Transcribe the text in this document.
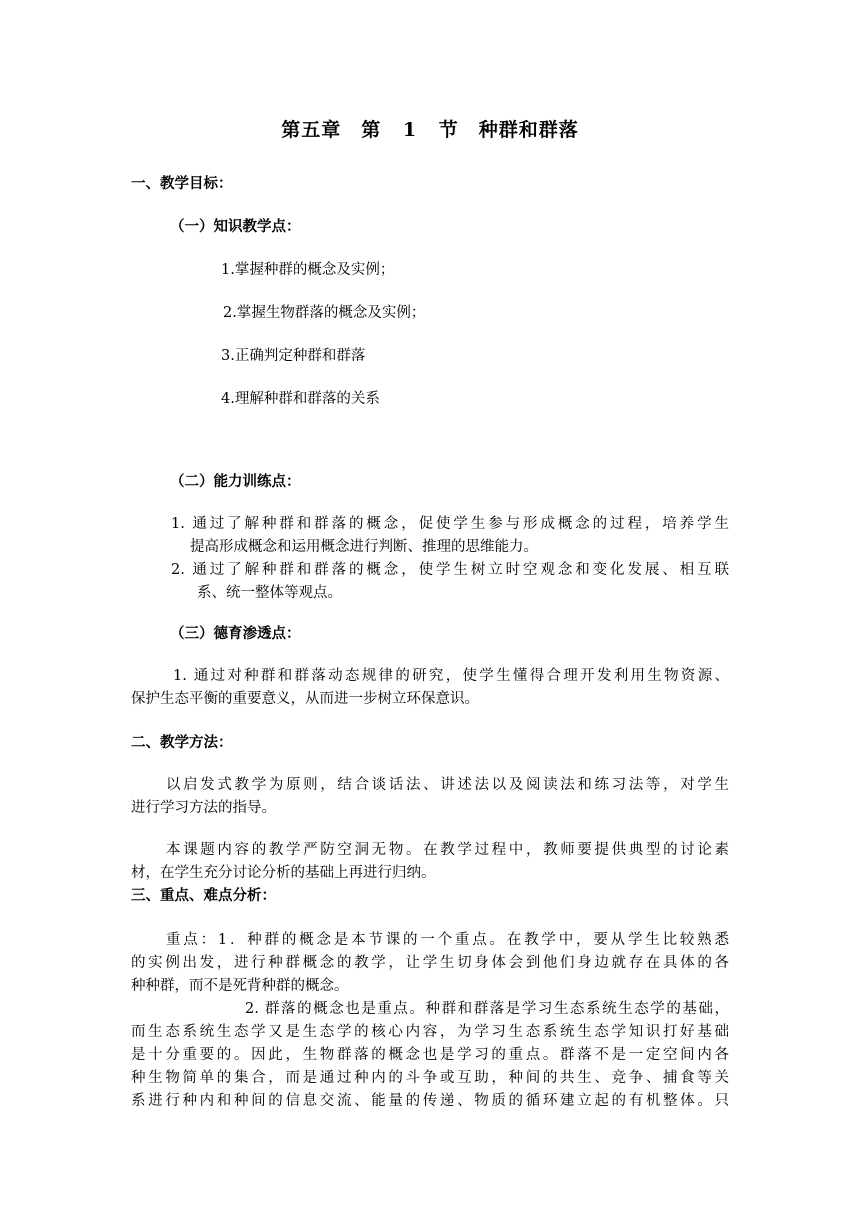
第五章　第 1 节　种群和群落
一、教学目标：
（一）知识教学点：
1.掌握种群的概念及实例；
2.掌握生物群落的概念及实例；
3.正确判定种群和群落
4.理解种群和群落的关系
（二）能力训练点：
1. 通过了解种群和群落的概念，促使学生参与形成概念的过程，培养学生
提高形成概念和运用概念进行判断、推理的思维能力。
2. 通过了解种群和群落的概念，使学生树立时空观念和变化发展、相互联
系、统一整体等观点。
（三）德育渗透点：
1. 通过对种群和群落动态规律的研究，使学生懂得合理开发利用生物资源、
保护生态平衡的重要意义，从而进一步树立环保意识。
二、教学方法：
以启发式教学为原则，结合谈话法、讲述法以及阅读法和练习法等，对学生
进行学习方法的指导。
本课题内容的教学严防空洞无物。在教学过程中，教师要提供典型的讨论素
材，在学生充分讨论分析的基础上再进行归纳。
三、重点、难点分析：
重点：1．种群的概念是本节课的一个重点。在教学中，要从学生比较熟悉
的实例出发，进行种群概念的教学，让学生切身体会到他们身边就存在具体的各
种种群，而不是死背种群的概念。
2. 群落的概念也是重点。种群和群落是学习生态系统生态学的基础，
而生态系统生态学又是生态学的核心内容，为学习生态系统生态学知识打好基础
是十分重要的。因此，生物群落的概念也是学习的重点。群落不是一定空间内各
种生物简单的集合，而是通过种内的斗争或互助，种间的共生、竞争、捕食等关
系进行种内和种间的信息交流、能量的传递、物质的循环建立起的有机整体。只
